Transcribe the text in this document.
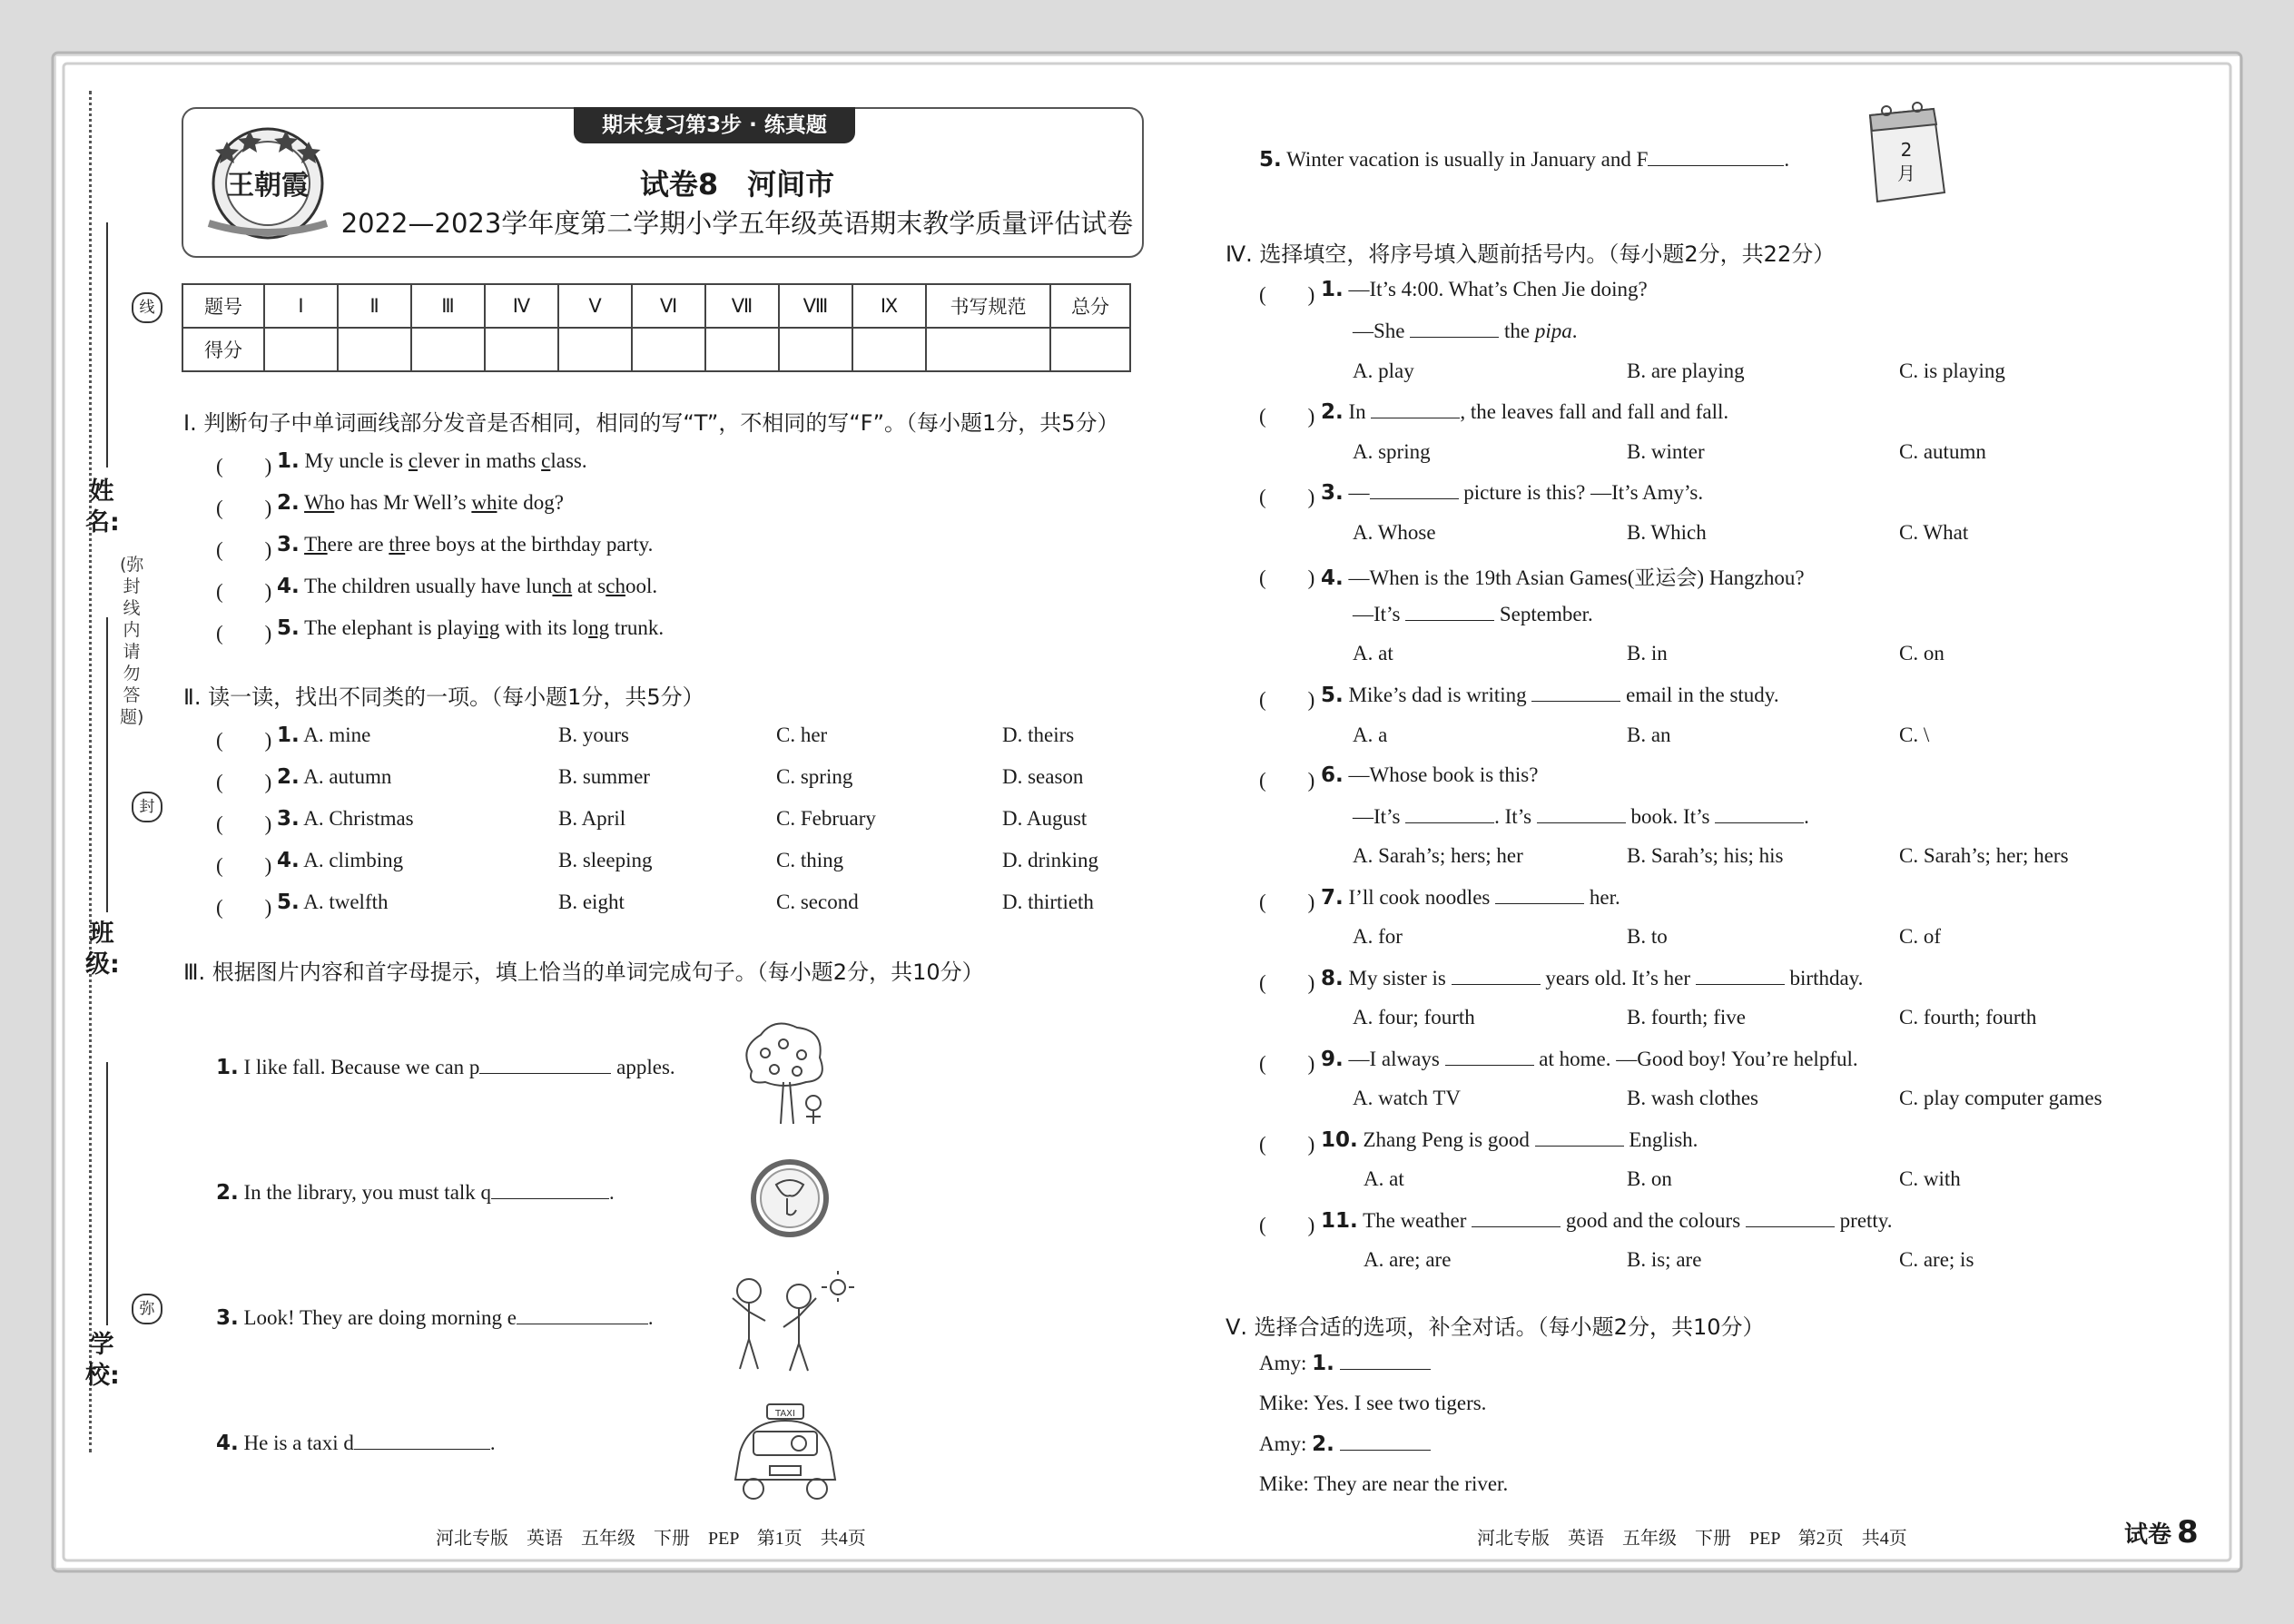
姓名:
班级:
学校:
线
封
弥
(弥封线内请勿答题)
王朝霞
期末复习第3步 · 练真题
试卷8　河间市
2022—2023学年度第二学期小学五年级英语期末教学质量评估试卷
题号	Ⅰ	Ⅱ	Ⅲ	Ⅳ	Ⅴ	Ⅵ	Ⅶ	Ⅷ	Ⅸ	书写规范	总分
得分											
Ⅰ. 判断句子中单词画线部分发音是否相同，相同的写“T”，不相同的写“F”。（每小题1分，共5分）
(　　) 1. My uncle is clever in maths class.
(　　) 2. Who has Mr Well’s white dog?
(　　) 3. There are three boys at the birthday party.
(　　) 4. The children usually have lunch at school.
(　　) 5. The elephant is playing with its long trunk.
Ⅱ. 读一读，找出不同类的一项。（每小题1分，共5分）
(　　) 1. A. mine	B. yours	C. her	D. theirs
(　　) 2. A. autumn	B. summer	C. spring	D. season
(　　) 3. A. Christmas	B. April	C. February	D. August
(　　) 4. A. climbing	B. sleeping	C. thing	D. drinking
(　　) 5. A. twelfth	B. eight	C. second	D. thirtieth
Ⅲ. 根据图片内容和首字母提示，填上恰当的单词完成句子。（每小题2分，共10分）
1. I like fall. Because we can p	apples.
2. In the library, you must talk q	.
3. Look! They are doing morning e	.
4. He is a taxi d	.
TAXI
5. Winter vacation is usually in January and F	.	2
月
Ⅳ. 选择填空，将序号填入题前括号内。（每小题2分，共22分）
(　　) 1. —It’s 4:00. What’s Chen Jie doing?
—She	the pipa.
A. play	B. are playing	C. is playing
(　　) 2. In	, the leaves fall and fall and fall.
A. spring	B. winter	C. autumn
(　　) 3. —	picture is this? —It’s Amy’s.
A. Whose	B. Which	C. What
(　　) 4. —When is the 19th Asian Games(亚运会) Hangzhou?
—It’s	September.
A. at	B. in	C. on
(　　) 5. Mike’s dad is writing	email in the study.
A. a	B. an	C. \
(　　) 6. —Whose book is this?
—It’s	. It’s	book. It’s	.
A. Sarah’s; hers; her	B. Sarah’s; his; his	C. Sarah’s; her; hers
(　　) 7. I’ll cook noodles	her.
A. for	B. to	C. of
(　　) 8. My sister is	years old. It’s her	birthday.
A. four; fourth	B. fourth; five	C. fourth; fourth
(　　) 9. —I always	at home. —Good boy! You’re helpful.
A. watch TV	B. wash clothes	C. play computer games
(　　) 10. Zhang Peng is good	English.
A. at	B. on	C. with
(　　) 11. The weather	good and the colours	pretty.
A. are; are	B. is; are	C. are; is
Ⅴ. 选择合适的选项，补全对话。（每小题2分，共10分）
Amy: 1.
Mike: Yes. I see two tigers.
Amy: 2.
Mike: They are near the river.
河北专版　英语　五年级　下册　PEP　第1页　共4页	河北专版　英语　五年级　下册　PEP　第2页　共4页	试卷 8
